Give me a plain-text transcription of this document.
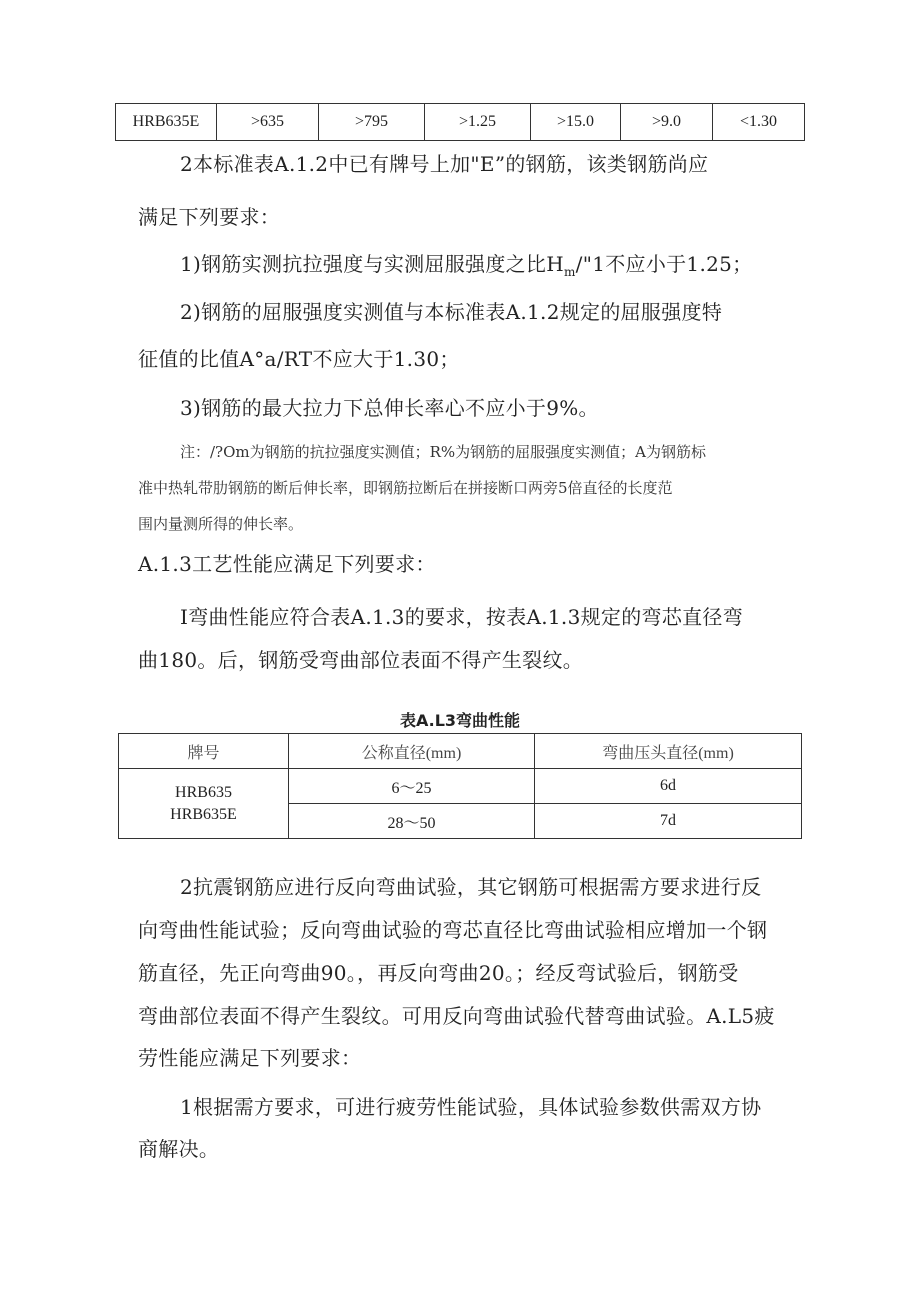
HRB635E	>635	>795	>1.25	>15.0	>9.0	<1.30
2本标准表A.1.2中已有牌号上加"E”的钢筋，该类钢筋尚应
满足下列要求：
1)钢筋实测抗拉强度与实测屈服强度之比$H_m/"1$不应小于1.25；
2)钢筋的屈服强度实测值与本标准表A.1.2规定的屈服强度特
征值的比值A°a/RT不应大于1.30；
3)钢筋的最大拉力下总伸长率心不应小于9%。
注：/?Om为钢筋的抗拉强度实测值；R%为钢筋的屈服强度实测值；A为钢筋标
准中热轧带肋钢筋的断后伸长率，即钢筋拉断后在拼接断口两旁5倍直径的长度范
围内量测所得的伸长率。
A.1.3工艺性能应满足下列要求：
I弯曲性能应符合表A.1.3的要求，按表A.1.3规定的弯芯直径弯
曲180。后，钢筋受弯曲部位表面不得产生裂纹。
表A.L3弯曲性能
牌号	公称直径(mm)	弯曲压头直径(mm)

HRB635
HRB635E	6～25	6d
	28～50	7d
2抗震钢筋应进行反向弯曲试验，其它钢筋可根据需方要求进行反
向弯曲性能试验；反向弯曲试验的弯芯直径比弯曲试验相应增加一个钢
筋直径，先正向弯曲90。，再反向弯曲20。；经反弯试验后，钢筋受
弯曲部位表面不得产生裂纹。可用反向弯曲试验代替弯曲试验。A.L5疲
劳性能应满足下列要求：
1根据需方要求，可进行疲劳性能试验，具体试验参数供需双方协
商解决。
